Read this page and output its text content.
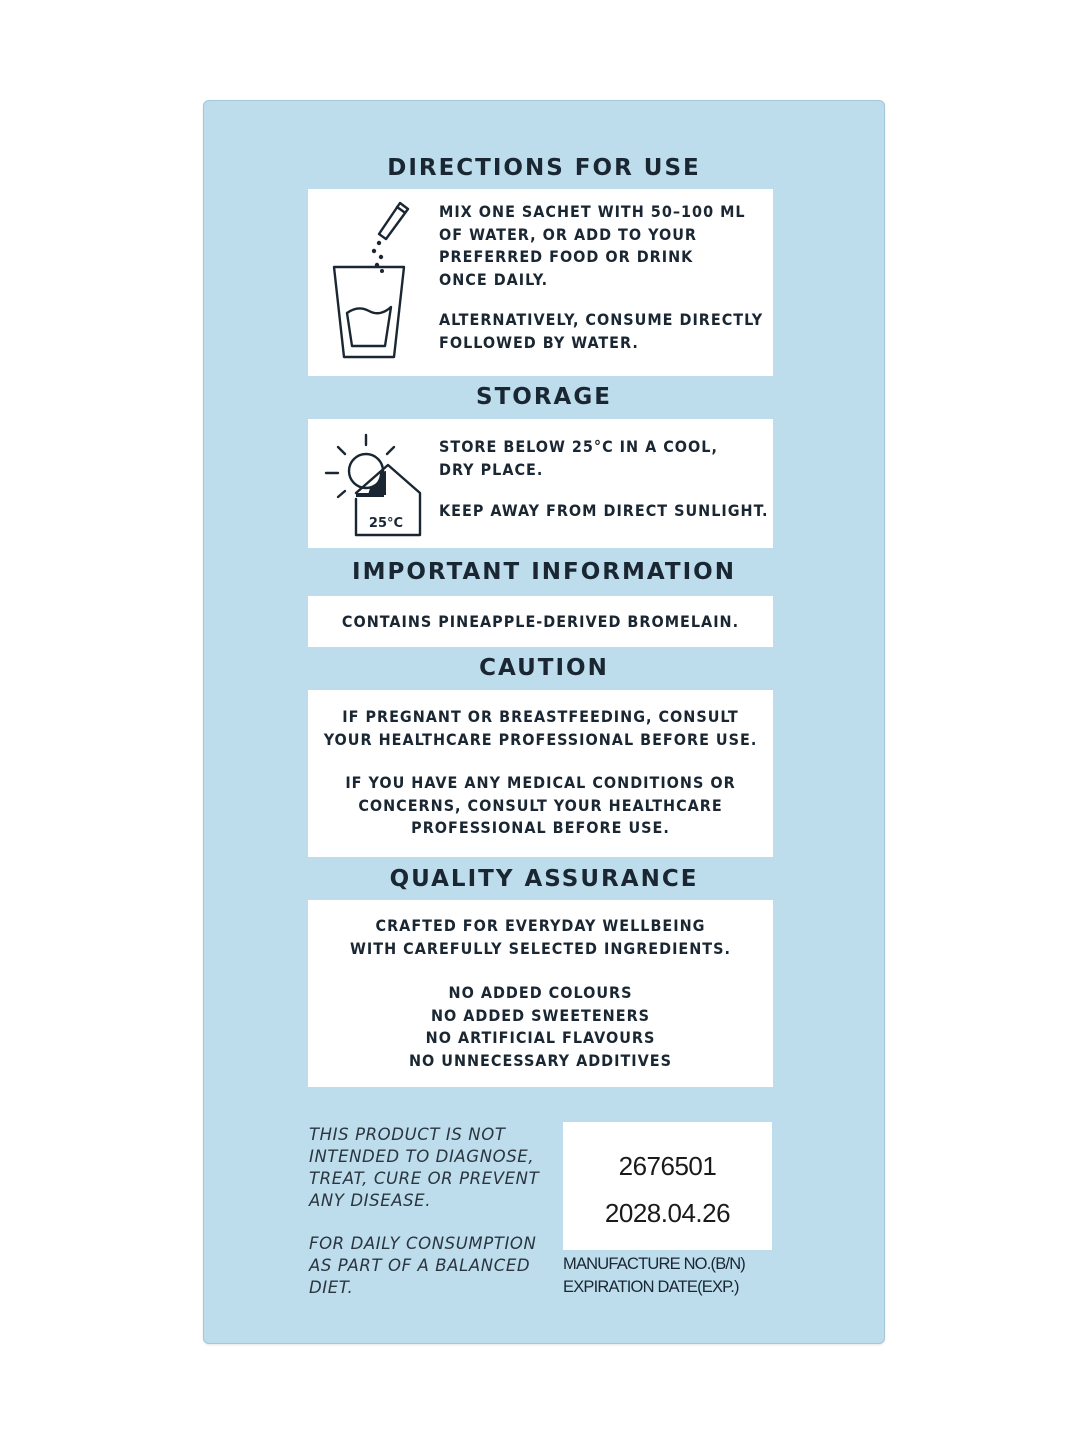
DIRECTIONS FOR USE
MIX ONE SACHET WITH 50–100 ML
OF WATER, OR ADD TO YOUR
PREFERRED FOOD OR DRINK
ONCE DAILY.
ALTERNATIVELY, CONSUME DIRECTLY
FOLLOWED BY WATER.
STORAGE
25°C
STORE BELOW 25°C IN A COOL,
DRY PLACE.
KEEP AWAY FROM DIRECT SUNLIGHT.
IMPORTANT INFORMATION
CONTAINS PINEAPPLE-DERIVED BROMELAIN.
CAUTION
IF PREGNANT OR BREASTFEEDING, CONSULT
YOUR HEALTHCARE PROFESSIONAL BEFORE USE.
IF YOU HAVE ANY MEDICAL CONDITIONS OR
CONCERNS, CONSULT YOUR HEALTHCARE
PROFESSIONAL BEFORE USE.
QUALITY ASSURANCE
CRAFTED FOR EVERYDAY WELLBEING
WITH CAREFULLY SELECTED INGREDIENTS.
NO ADDED COLOURS
NO ADDED SWEETENERS
NO ARTIFICIAL FLAVOURS
NO UNNECESSARY ADDITIVES
THIS PRODUCT IS NOT
INTENDED TO DIAGNOSE,
TREAT, CURE OR PREVENT
ANY DISEASE.
FOR DAILY CONSUMPTION
AS PART OF A BALANCED
DIET.
2676501
2028.04.26
MANUFACTURE NO.(B/N)
EXPIRATION DATE(EXP.)
